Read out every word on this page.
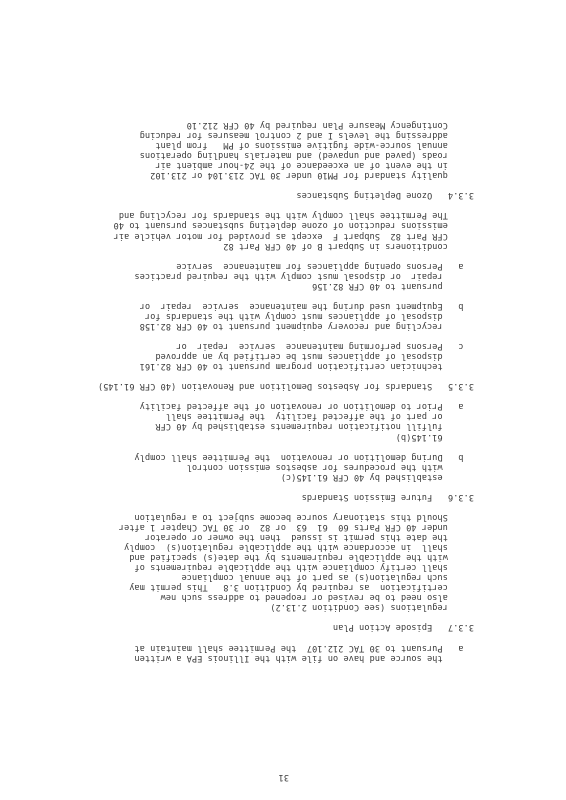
31
Contingency Measure Plan required by 40 CFR 212.10
addressing the levels I and 2 control measures for reducing
annual source-wide fugitive emissions of PM   from plant
roads (paved and unpaved) and materials handling operations
in the event of an exceedance of the 24-hour ambient air
quality standard for PM10 under 30 TAC 213.104 or 213.102
3.3.4   Ozone Depleting Substances
The Permittee shall comply with the standards for recycling and
emissions reduction of ozone depleting substances pursuant to 40
CFR Part 82  Subpart F  except as provided for motor vehicle air
conditioners in Subpart B of 40 CFR Part 82
a   Persons opening appliances for maintenance  service
repair  or disposal must comply with the required practices
pursuant to 40 CFR 82.156
b   Equipment used during the maintenance  service  repair  or
disposal of appliances must comply with the standards for
recycling and recovery equipment pursuant to 40 CFR 82.158
c   Persons performing maintenance  service  repair  or
disposal of appliances must be certified by an approved
technician certification program pursuant to 40 CFR 82.161
3.3.5   Standards for Asbestos Demolition and Renovation (40 CFR 61.145)
a   Prior to demolition or renovation of the affected facility
or part of the affected facility  the Permittee shall
fulfill notification requirements established by 40 CFR
61.145(b)
b   During demolition or renovation  the Permittee shall comply
with the procedures for asbestos emission control
established by 40 CFR 61.145(c)
3.3.6   Future Emission Standards
Should this stationary source become subject to a regulation
under 40 CFR Parts 60  61  63  or 82  or 30 TAC Chapter 1 after
the date this permit is issued  then the owner or operator
shall  in accordance with the applicable regulation(s)  comply
with the applicable requirements by the date(s) specified and
shall certify compliance with the applicable requirements of
such regulation(s) as part of the annual compliance
certification  as required by Condition 3.8   This permit may
also need to be revised or reopened to address such new
regulations (see Condition 2.13.2)
3.3.7   Episode Action Plan
a   Pursuant to 30 TAC 212.107  the Permittee shall maintain at
the source and have on file with the Illinois EPA a written
